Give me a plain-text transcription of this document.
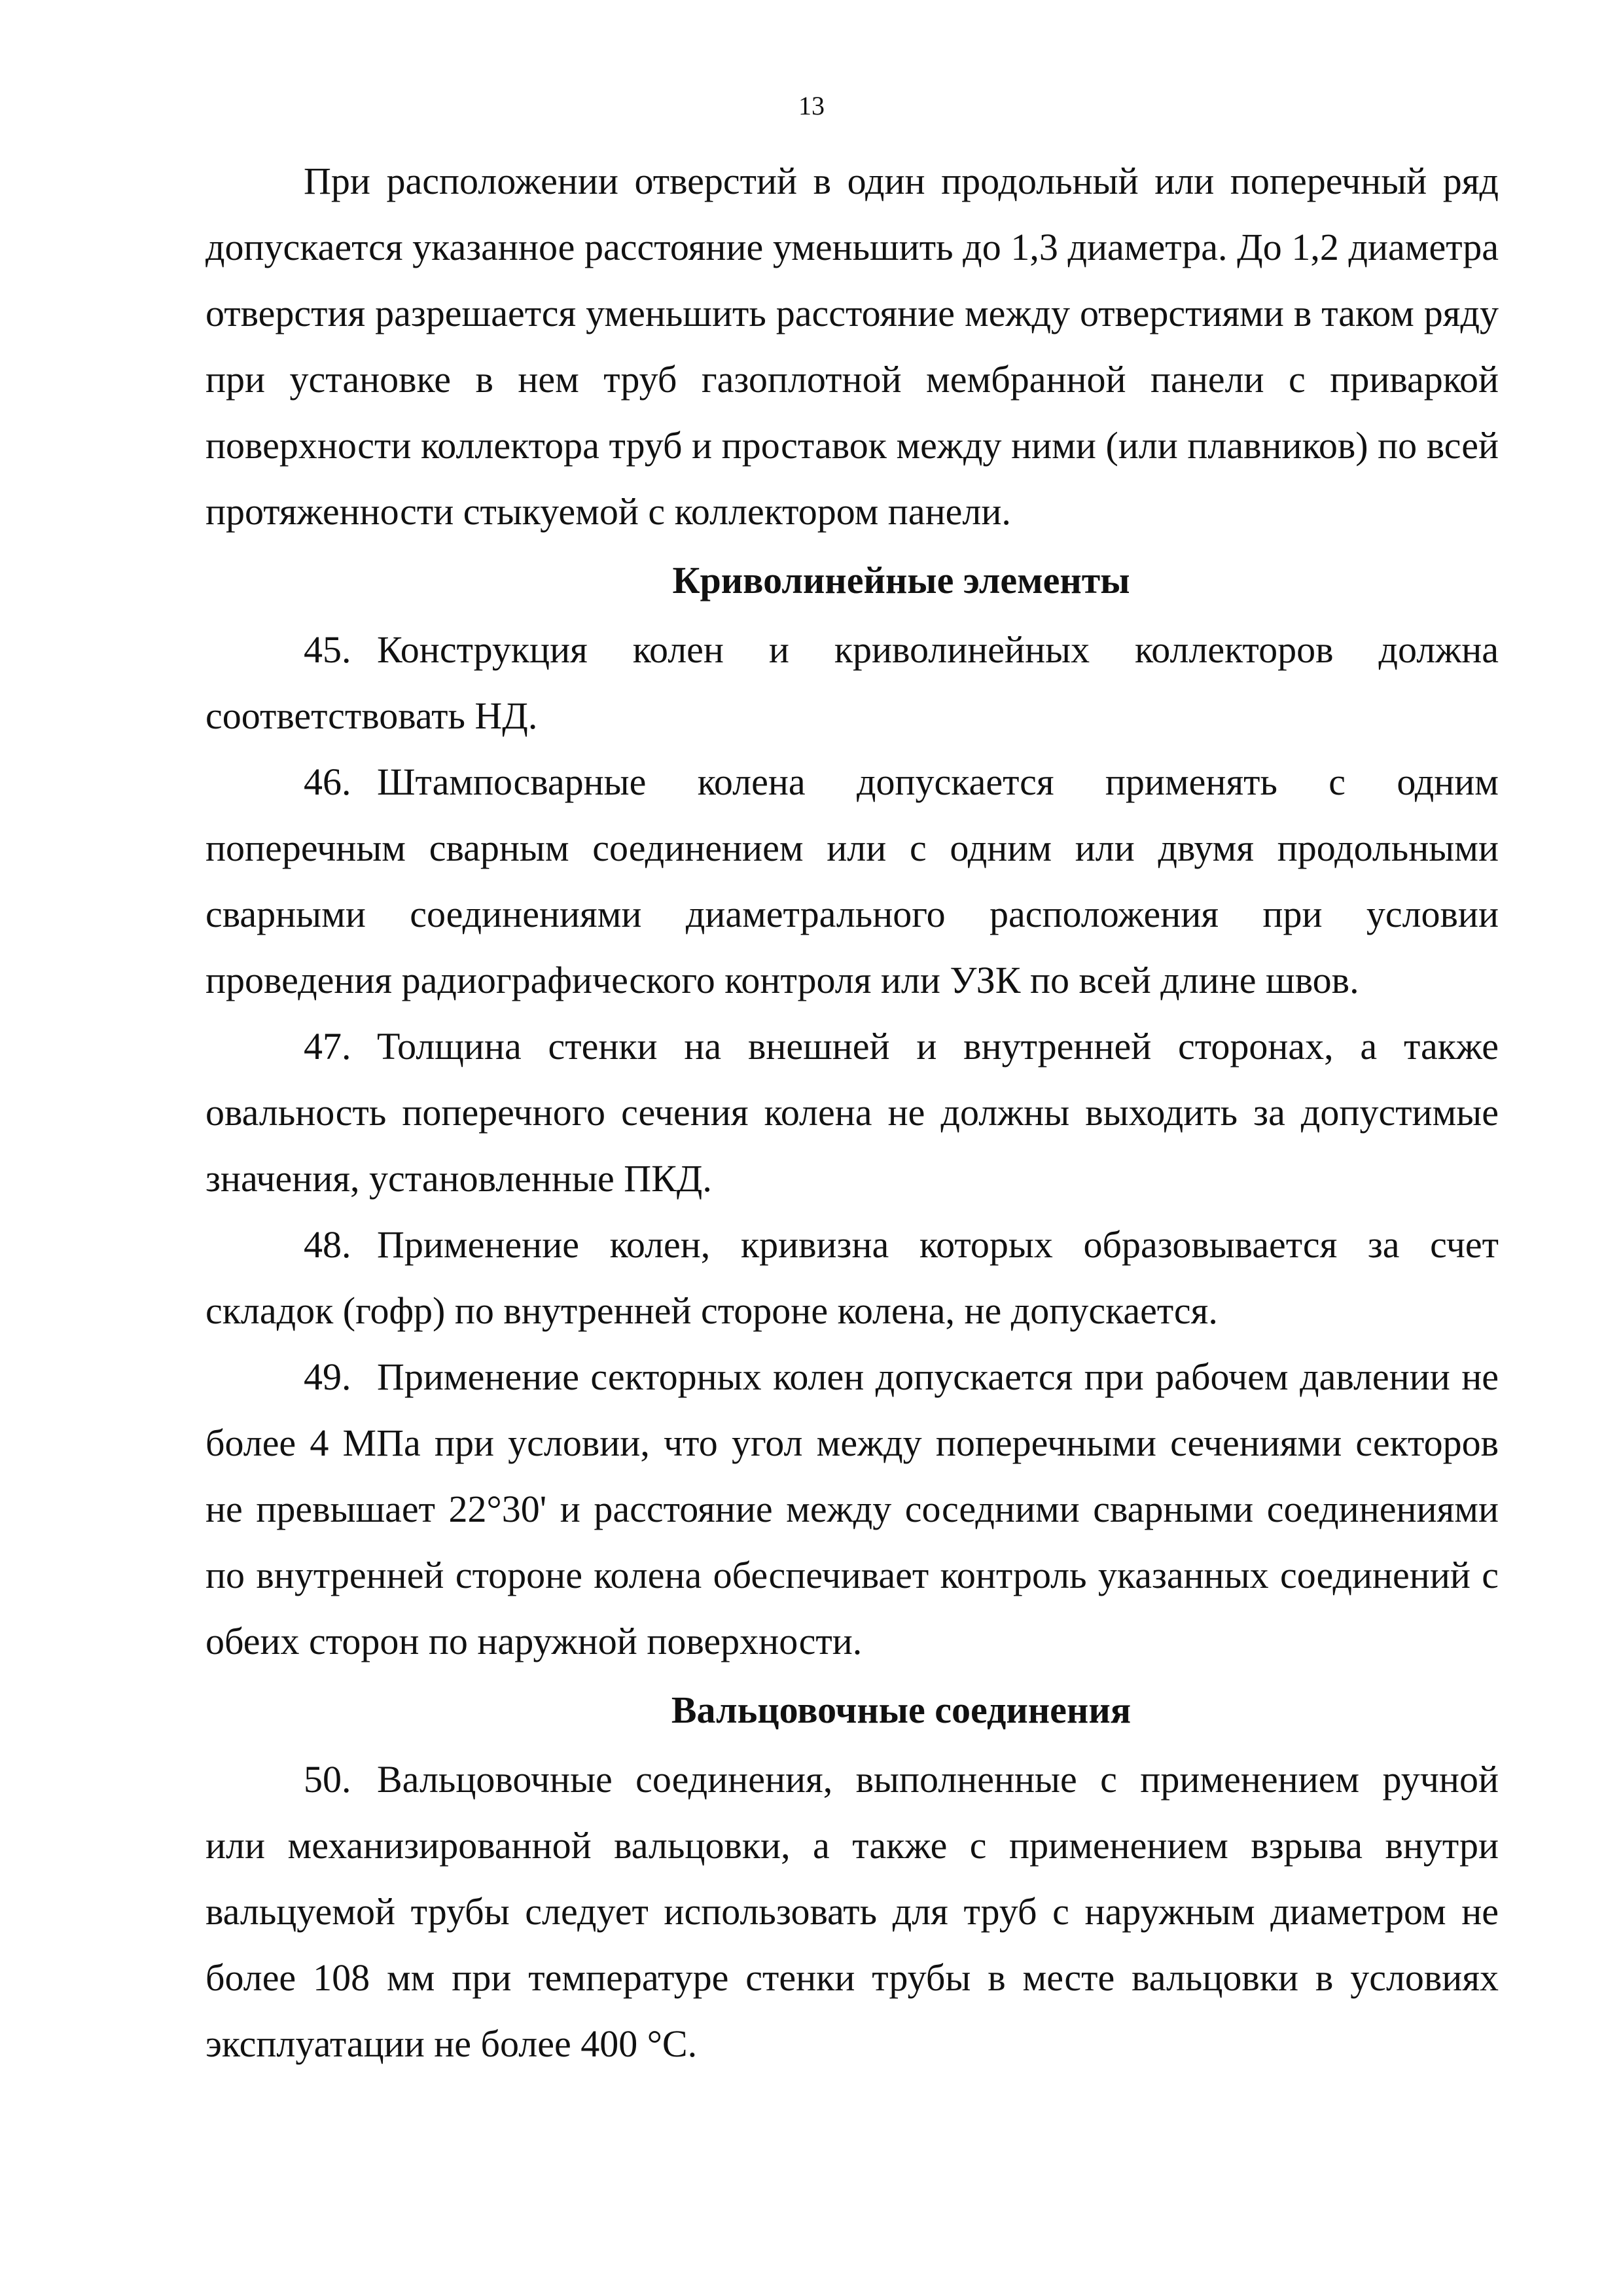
13

При расположении отверстий в один продольный или поперечный ряд допускается указанное расстояние уменьшить до 1,3 диаметра. До 1,2 диаметра отверстия разрешается уменьшить расстояние между отверстиями в таком ряду при установке в нем труб газоплотной мембранной панели с приваркой поверхности коллектора труб и проставок между ними (или плавников) по всей протяженности стыкуемой с коллектором панели.

Криволинейные элементы

45. Конструкция колен и криволинейных коллекторов должна соответствовать НД.

46. Штампосварные колена допускается применять с одним поперечным сварным соединением или с одним или двумя продольными сварными соединениями диаметрального расположения при условии проведения радиографического контроля или УЗК по всей длине швов.

47. Толщина стенки на внешней и внутренней сторонах, а также овальность поперечного сечения колена не должны выходить за допустимые значения, установленные ПКД.

48. Применение колен, кривизна которых образовывается за счет складок (гофр) по внутренней стороне колена, не допускается.

49. Применение секторных колен допускается при рабочем давлении не более 4 МПа при условии, что угол между поперечными сечениями секторов не превышает 22°30' и расстояние между соседними сварными соединениями по внутренней стороне колена обеспечивает контроль указанных соединений с обеих сторон по наружной поверхности.

Вальцовочные соединения

50. Вальцовочные соединения, выполненные с применением ручной или механизированной вальцовки, а также с применением взрыва внутри вальцуемой трубы следует использовать для труб с наружным диаметром не более 108 мм при температуре стенки трубы в месте вальцовки в условиях эксплуатации не более 400 °С.
